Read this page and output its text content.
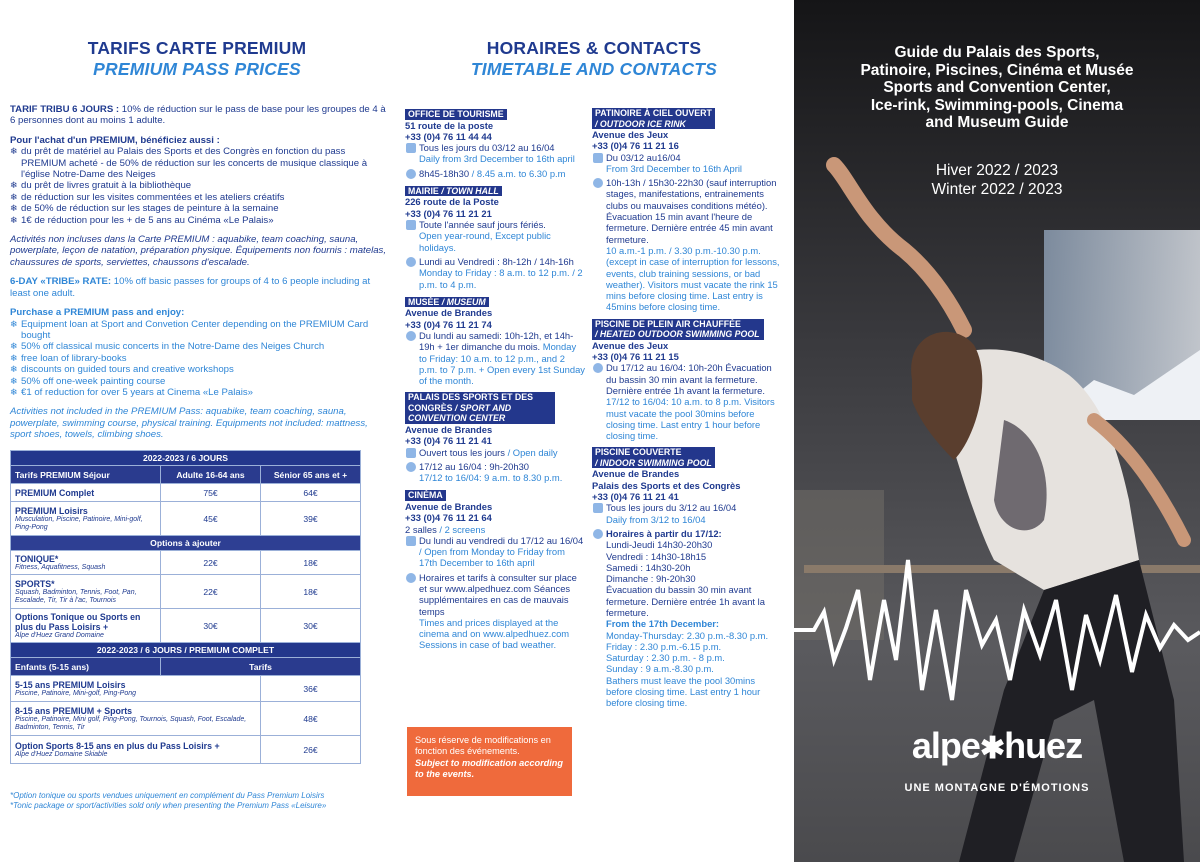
TARIFS CARTE PREMIUM
PREMIUM PASS PRICES

TARIF TRIBU 6 JOURS : 10% de réduction sur le pass de base pour les groupes de 4 à 6 personnes dont au moins 1 adulte.

Pour l'achat d'un PREMIUM, bénéficiez aussi :
❄ du prêt de matériel au Palais des Sports et des Congrès en fonction du pass PREMIUM acheté - de 50% de réduction sur les concerts de musique classique à l'église Notre-Dame des Neiges
❄ du prêt de livres gratuit à la bibliothèque
❄ de réduction sur les visites commentées et les ateliers créatifs
❄ de 50% de réduction sur les stages de peinture à la semaine
❄ 1€ de réduction pour les + de 5 ans au Cinéma «Le Palais»

Activités non incluses dans la Carte PREMIUM : aquabike, team coaching, sauna, powerplate, leçon de natation, préparation physique. Équipements non fournis : matelas, chaussures de sports, serviettes, chaussons d'escalade.

6-DAY «TRIBE» RATE: 10% off basic passes for groups of 4 to 6 people including at least one adult.

Purchase a PREMIUM pass and enjoy:
❄ Equipment loan at Sport and Convetion Center depending on the PREMIUM Card bought
❄ 50% off classical music concerts in the Notre-Dame des Neiges Church
❄ free loan of library-books
❄ discounts on guided tours and creative workshops
❄ 50% off one-week painting course
❄ €1 of reduction for over 5 years at Cinema «Le Palais»

Activities not included in the PREMIUM Pass: aquabike, team coaching, sauna, powerplate, swimming course, physical training. Equipments not included: mattness, sport shoes, towels, climbing shoes.

2022-2023 / 6 JOURS		
Tarifs PREMIUM Séjour	Adulte 16-64 ans	Sénior 65 ans et +

PREMIUM Complet	75€	64€

PREMIUM Loisirs
Musculation, Piscine, Patinoire, Mini-golf, Ping-Pong	45€	39€
Options à ajouter		

TONIQUE*
Fitness, Aquafitness, Squash	22€	18€

SPORTS*
Squash, Badminton, Tennis, Foot, Pan, Escalade, Tir, Tir à l'ac, Tournois	22€	18€

Options Tonique ou Sports en plus du Pass Loisirs +
Alpe d'Huez Grand Domaine	30€	30€
2022-2023 / 6 JOURS / PREMIUM COMPLET		
Enfants (5-15 ans)	Tarifs	

5-15 ans PREMIUM Loisirs
Piscine, Patinoire, Mini-golf, Ping-Pong		36€

8-15 ans PREMIUM + Sports
Piscine, Patinoire, Mini golf, Ping-Pong, Tournois, Squash, Foot, Escalade, Badminton, Tennis, Tir		48€

Option Sports 8-15 ans en plus du Pass Loisirs +
Alpe d'Huez Domaine Skiable		26€
*Option tonique ou sports vendues uniquement en complément du Pass Premium Loisirs
*Tonic package or sport/activities sold only when presenting the Premium Pass «Leisure»
HORAIRES & CONTACTS
TIMETABLE AND CONTACTS
OFFICE DE TOURISME
51 route de la poste
+33 (0)4 76 11 44 44
Tous les jours du 03/12 au 16/04
Daily from 3rd December to 16th april
8h45-18h30 / 8.45 a.m. to 6.30 p.m
MAIRIE / TOWN HALL
226 route de la Poste
+33 (0)4 76 11 21 21
Toute l'année sauf jours fériés.
Open year-round, Except public holidays.
Lundi au Vendredi : 8h-12h / 14h-16h
Monday to Friday : 8 a.m. to 12 p.m. / 2 p.m. to 4 p.m.
MUSÉE / MUSEUM
Avenue de Brandes
+33 (0)4 76 11 21 74
Du lundi au samedi: 10h-12h, et 14h-19h + 1er dimanche du mois. Monday to Friday: 10 a.m. to 12 p.m., and 2 p.m. to 7 p.m. + Open every 1st Sunday of the month.
PALAIS DES SPORTS ET DES CONGRÈS / SPORT AND CONVENTION CENTER
Avenue de Brandes
+33 (0)4 76 11 21 41
Ouvert tous les jours / Open daily
17/12 au 16/04 : 9h-20h30
17/12 to 16/04: 9 a.m. to 8.30 p.m.
CINÉMA
Avenue de Brandes
+33 (0)4 76 11 21 64
2 salles / 2 screens
Du lundi au vendredi du 17/12 au 16/04 / Open from Monday to Friday from 17th December to 16th april
Horaires et tarifs à consulter sur place et sur www.alpedhuez.com Séances supplémentaires en cas de mauvais temps
Times and prices displayed at the cinema and on www.alpedhuez.com Sessions in case of bad weather.
Sous réserve de modifications en fonction des événements.
Subject to modification according to the events.
PATINOIRE À CIEL OUVERT
/ OUTDOOR ICE RINK
Avenue des Jeux
+33 (0)4 76 11 21 16
Du 03/12 au16/04
From 3rd December to 16th April
10h-13h / 15h30-22h30 (sauf interruption stages, manifestations, entrainements clubs ou mauvaises conditions météo). Évacuation 15 min avant l'heure de fermeture. Dernière entrée 45 min avant fermeture.
10 a.m.-1 p.m. / 3.30 p.m.-10.30 p.m. (except in case of interruption for lessons, events, club training sessions, or bad weather). Visitors must vacate the rink 15 mins before closing time. Last entry is 45mins before closing time.
PISCINE DE PLEIN AIR CHAUFFÉE
/ HEATED OUTDOOR SWIMMING POOL
Avenue des Jeux
+33 (0)4 76 11 21 15
Du 17/12 au 16/04: 10h-20h Évacuation du bassin 30 min avant la fermeture. Dernière entrée 1h avant la fermeture.
17/12 to 16/04: 10 a.m. to 8 p.m. Visitors must vacate the pool 30mins before closing time. Last entry 1 hour before closing time.
PISCINE COUVERTE
/ INDOOR SWIMMING POOL
Avenue de Brandes
Palais des Sports et des Congrès
+33 (0)4 76 11 21 41
Tous les jours du 3/12 au 16/04
Daily from 3/12 to 16/04
Horaires à partir du 17/12:
Lundi-Jeudi 14h30-20h30
Vendredi : 14h30-18h15
Samedi : 14h30-20h
Dimanche : 9h-20h30
Évacuation du bassin 30 min avant fermeture. Dernière entrée 1h avant la fermeture.
From the 17th December:
Monday-Thursday: 2.30 p.m.-8.30 p.m.
Friday : 2.30 p.m.-6.15 p.m.
Saturday : 2.30 p.m. - 8 p.m.
Sunday : 9 a.m.-8.30 p.m.
Bathers must leave the pool 30mins before closing time. Last entry 1 hour before closing time.
Guide du Palais des Sports,
Patinoire, Piscines, Cinéma et Musée
Sports and Convention Center,
Ice-rink, Swimming-pools, Cinema
and Museum Guide
Hiver 2022 / 2023
Winter 2022 / 2023
alpe✱huez
UNE MONTAGNE D'ÉMOTIONS
